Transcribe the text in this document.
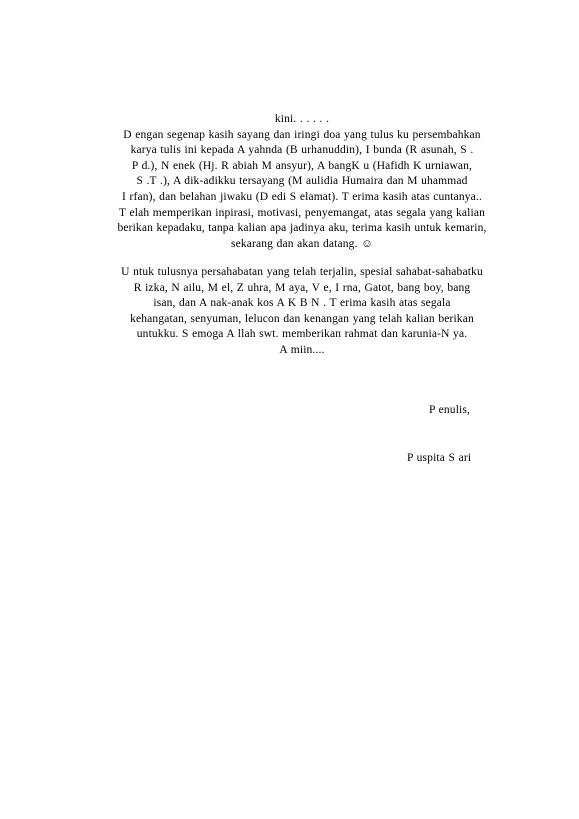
kini. . . . . .
D engan segenap kasih sayang dan iringi doa yang tulus ku persembahkan
karya tulis ini kepada A yahnda (B urhanuddin), I bunda (R asunah, S .
P d.), N enek (Hj. R abiah M ansyur), A bangK u (Hafidh K urniawan,
S .T .), A dik-adikku tersayang (M aulidia Humaira dan M uhammad
I rfan), dan belahan jiwaku (D edi S elamat). T erima kasih atas cuntanya..
T elah memperikan inpirasi, motivasi, penyemangat, atas segala yang kalian
berikan kepadaku, tanpa kalian apa jadinya aku, terima kasih untuk kemarin,
sekarang dan akan datang. ☺

U ntuk tulusnya persahabatan yang telah terjalin, spesial sahabat-sahabatku
R izka, N ailu, M el, Z uhra, M aya, V e, I rna, Gatot, bang boy, bang
isan, dan A nak-anak kos A K B N . T erima kasih atas segala
kehangatan, senyuman, lelucon dan kenangan yang telah kalian berikan
untukku. S emoga A llah swt. memberikan rahmat dan karunia-N ya.
A miin....

P enulis,

P uspita S ari
